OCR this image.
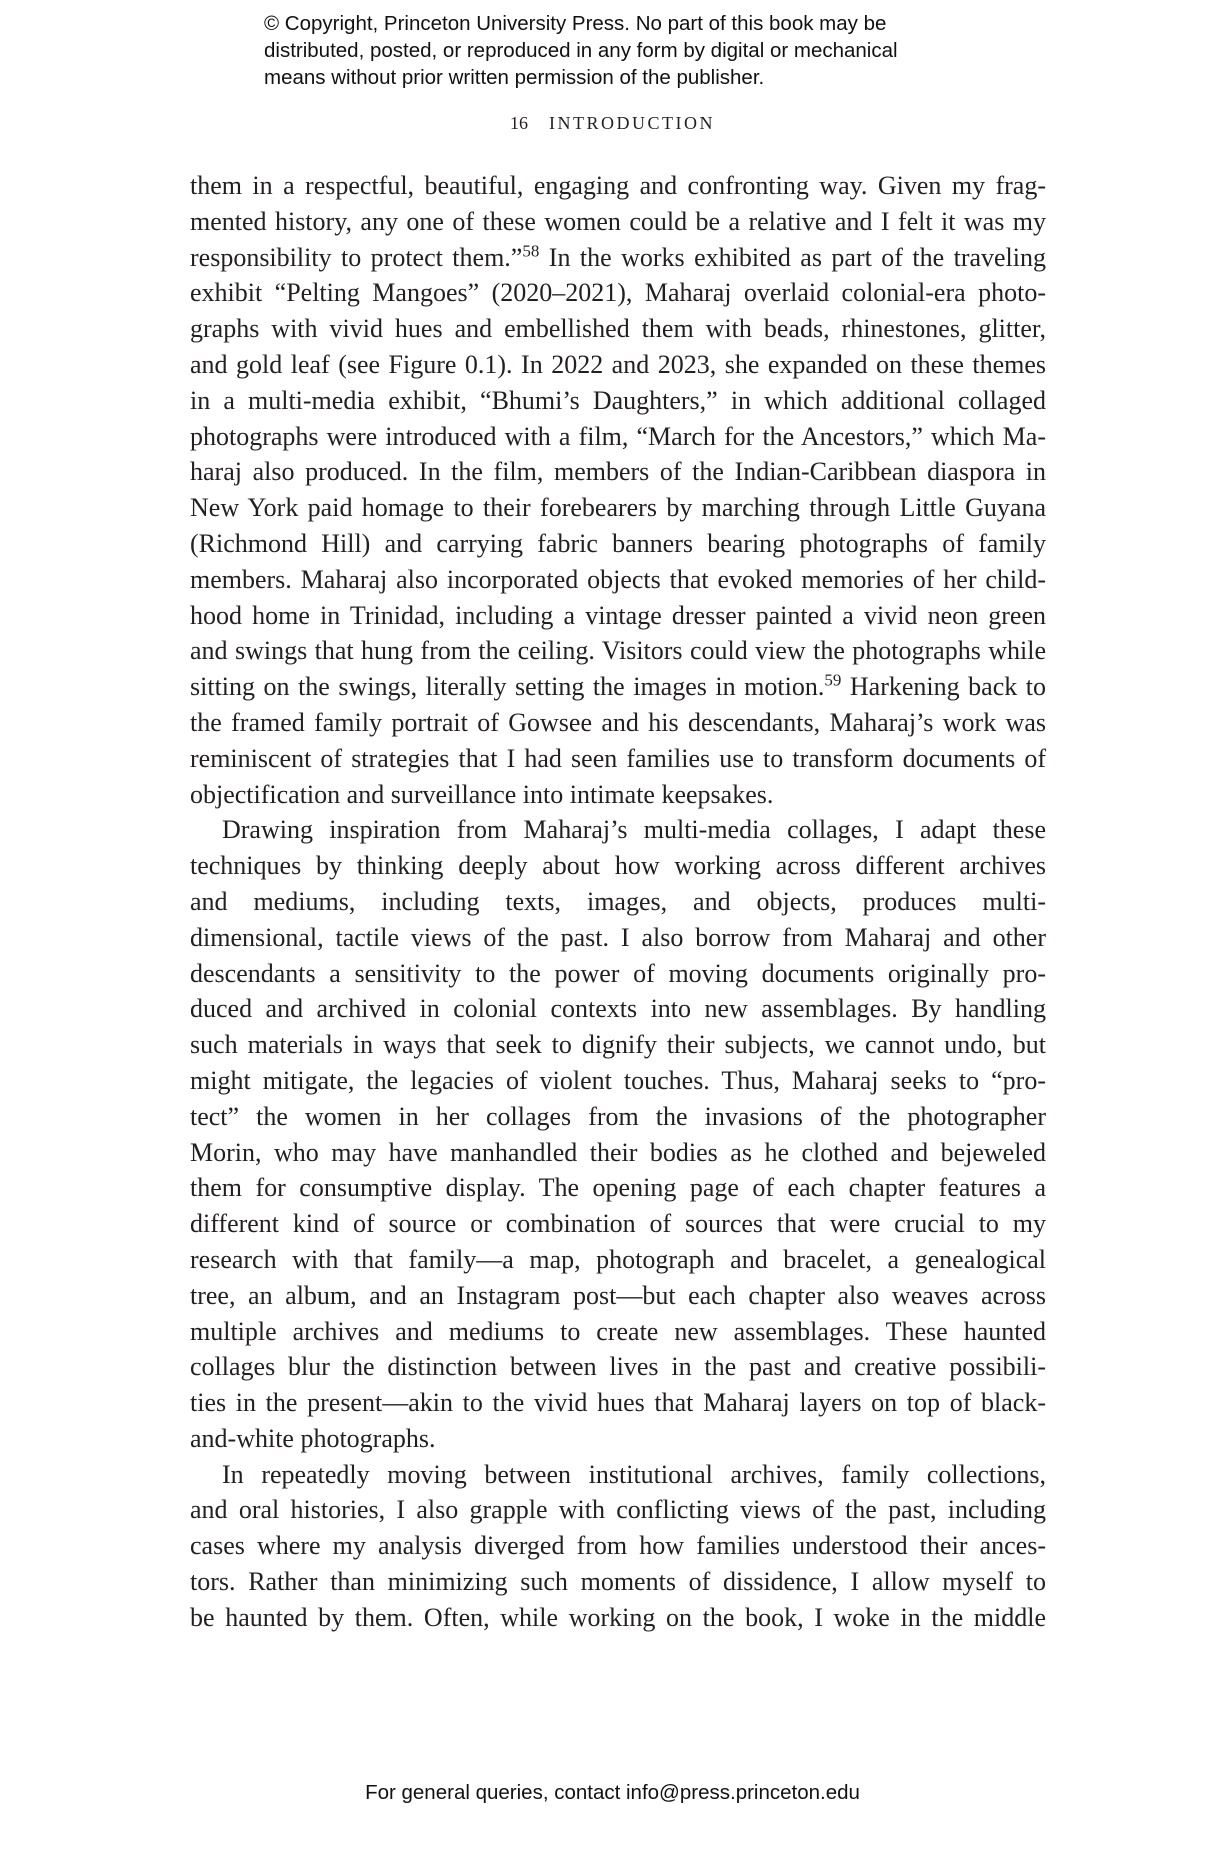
© Copyright, Princeton University Press. No part of this book may be
distributed, posted, or reproduced in any form by digital or mechanical
means without prior written permission of the publisher.
16 INTRODUCTION
them in a respectful, beautiful, engaging and confronting way. Given my frag-
mented history, any one of these women could be a relative and I felt it was my
responsibility to protect them.”$^{58}$ In the works exhibited as part of the traveling
exhibit “Pelting Mangoes” (2020–2021), Maharaj overlaid colonial-era photo-
graphs with vivid hues and embellished them with beads, rhinestones, glitter,
and gold leaf (see Figure 0.1). In 2022 and 2023, she expanded on these themes
in a multi-media exhibit, “Bhumi’s Daughters,” in which additional collaged
photographs were introduced with a film, “March for the Ancestors,” which Ma-
haraj also produced. In the film, members of the Indian-Caribbean diaspora in
New York paid homage to their forebearers by marching through Little Guyana
(Richmond Hill) and carrying fabric banners bearing photographs of family
members. Maharaj also incorporated objects that evoked memories of her child-
hood home in Trinidad, including a vintage dresser painted a vivid neon green
and swings that hung from the ceiling. Visitors could view the photographs while
sitting on the swings, literally setting the images in motion.$^{59}$ Harkening back to
the framed family portrait of Gowsee and his descendants, Maharaj’s work was
reminiscent of strategies that I had seen families use to transform documents of
objectification and surveillance into intimate keepsakes.
Drawing inspiration from Maharaj’s multi-media collages, I adapt these
techniques by thinking deeply about how working across different archives
and mediums, including texts, images, and objects, produces multi-
dimensional, tactile views of the past. I also borrow from Maharaj and other
descendants a sensitivity to the power of moving documents originally pro-
duced and archived in colonial contexts into new assemblages. By handling
such materials in ways that seek to dignify their subjects, we cannot undo, but
might mitigate, the legacies of violent touches. Thus, Maharaj seeks to “pro-
tect” the women in her collages from the invasions of the photographer
Morin, who may have manhandled their bodies as he clothed and bejeweled
them for consumptive display. The opening page of each chapter features a
different kind of source or combination of sources that were crucial to my
research with that family—a map, photograph and bracelet, a genealogical
tree, an album, and an Instagram post—but each chapter also weaves across
multiple archives and mediums to create new assemblages. These haunted
collages blur the distinction between lives in the past and creative possibili-
ties in the present—akin to the vivid hues that Maharaj layers on top of black-
and-white photographs.
In repeatedly moving between institutional archives, family collections,
and oral histories, I also grapple with conflicting views of the past, including
cases where my analysis diverged from how families understood their ances-
tors. Rather than minimizing such moments of dissidence, I allow myself to
be haunted by them. Often, while working on the book, I woke in the middle
For general queries, contact info@press.princeton.edu
